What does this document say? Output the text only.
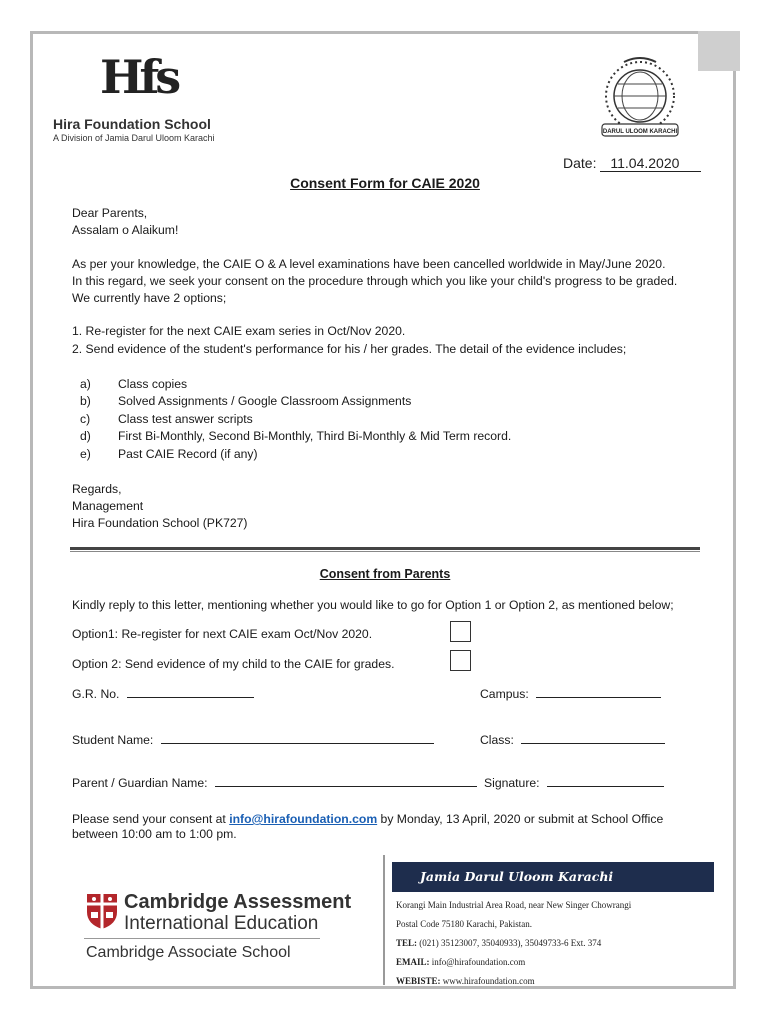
Hfs
Hira Foundation School
A Division of Jamia Darul Uloom Karachi
DARUL ULOOM KARACHI
Date: 11.04.2020
Consent Form for CAIE 2020
Dear Parents,
Assalam o Alaikum!
As per your knowledge, the CAIE O & A level examinations have been cancelled worldwide in May/June 2020.
In this regard, we seek your consent on the procedure through which you like your child's progress to be graded.
We currently have 2 options;
1. Re-register for the next CAIE exam series in Oct/Nov 2020.
2. Send evidence of the student's performance for his / her grades. The detail of the evidence includes;
a) Class copies
b) Solved Assignments / Google Classroom Assignments
c) Class test answer scripts
d) First Bi-Monthly, Second Bi-Monthly, Third Bi-Monthly & Mid Term record.
e) Past CAIE Record (if any)
Regards,
Management
Hira Foundation School (PK727)
Consent from Parents
Kindly reply to this letter, mentioning whether you would like to go for Option 1 or Option 2, as mentioned below;
Option1: Re-register for next CAIE exam Oct/Nov 2020.
Option 2: Send evidence of my child to the CAIE for grades.
G.R. No.	Campus:
Student Name:	Class:
Parent / Guardian Name:	Signature:
Please send your consent at info@hirafoundation.com by Monday, 13 April, 2020 or submit at School Office
between 10:00 am to 1:00 pm.
Cambridge Assessment
International Education
Cambridge Associate School
Jamia Darul Uloom Karachi
Korangi Main Industrial Area Road, near New Singer Chowrangi
Postal Code 75180 Karachi, Pakistan.
TEL: (021) 35123007, 35040933), 35049733-6 Ext. 374
EMAIL: info@hirafoundation.com
WEBISTE: www.hirafoundation.com
